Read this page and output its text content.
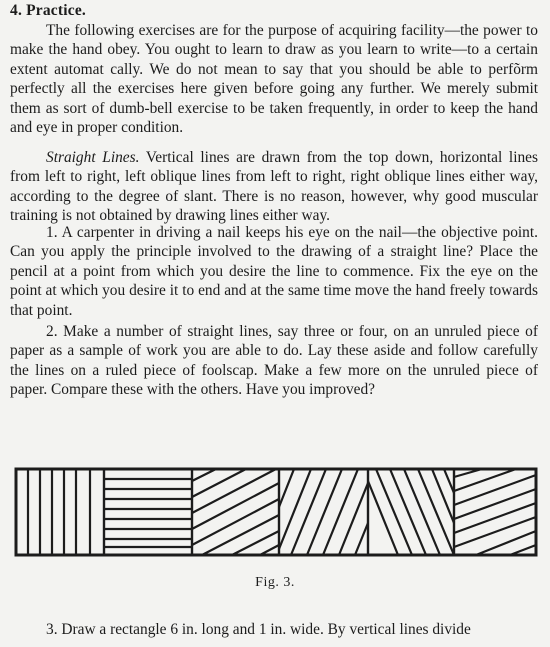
4. Practice.
The following exercises are for the purpose of acquiring facility—the power to make the hand obey. You ought to learn to draw as you learn to write—to a certain extent automat cally. We do not mean to say that you should be able to perfõrm perfectly all the exercises here given before going any further. We merely submit them as sort of dumb-bell exercise to be taken frequently, in order to keep the hand and eye in proper condition.
Straight Lines. Vertical lines are drawn from the top down, horizontal lines from left to right, left oblique lines from left to right, right oblique lines either way, according to the degree of slant. There is no reason, however, why good muscular training is not obtained by drawing lines either way.
1. A carpenter in driving a nail keeps his eye on the nail—the objective point. Can you apply the principle involved to the drawing of a straight line? Place the pencil at a point from which you desire the line to commence. Fix the eye on the point at which you desire it to end and at the same time move the hand freely towards that point.
2. Make a number of straight lines, say three or four, on an unruled piece of paper as a sample of work you are able to do. Lay these aside and follow carefully the lines on a ruled piece of foolscap. Make a few more on the unruled piece of paper. Compare these with the others. Have you improved?
Fig. 3.
3. Draw a rectangle 6 in. long and 1 in. wide. By vertical lines divide
